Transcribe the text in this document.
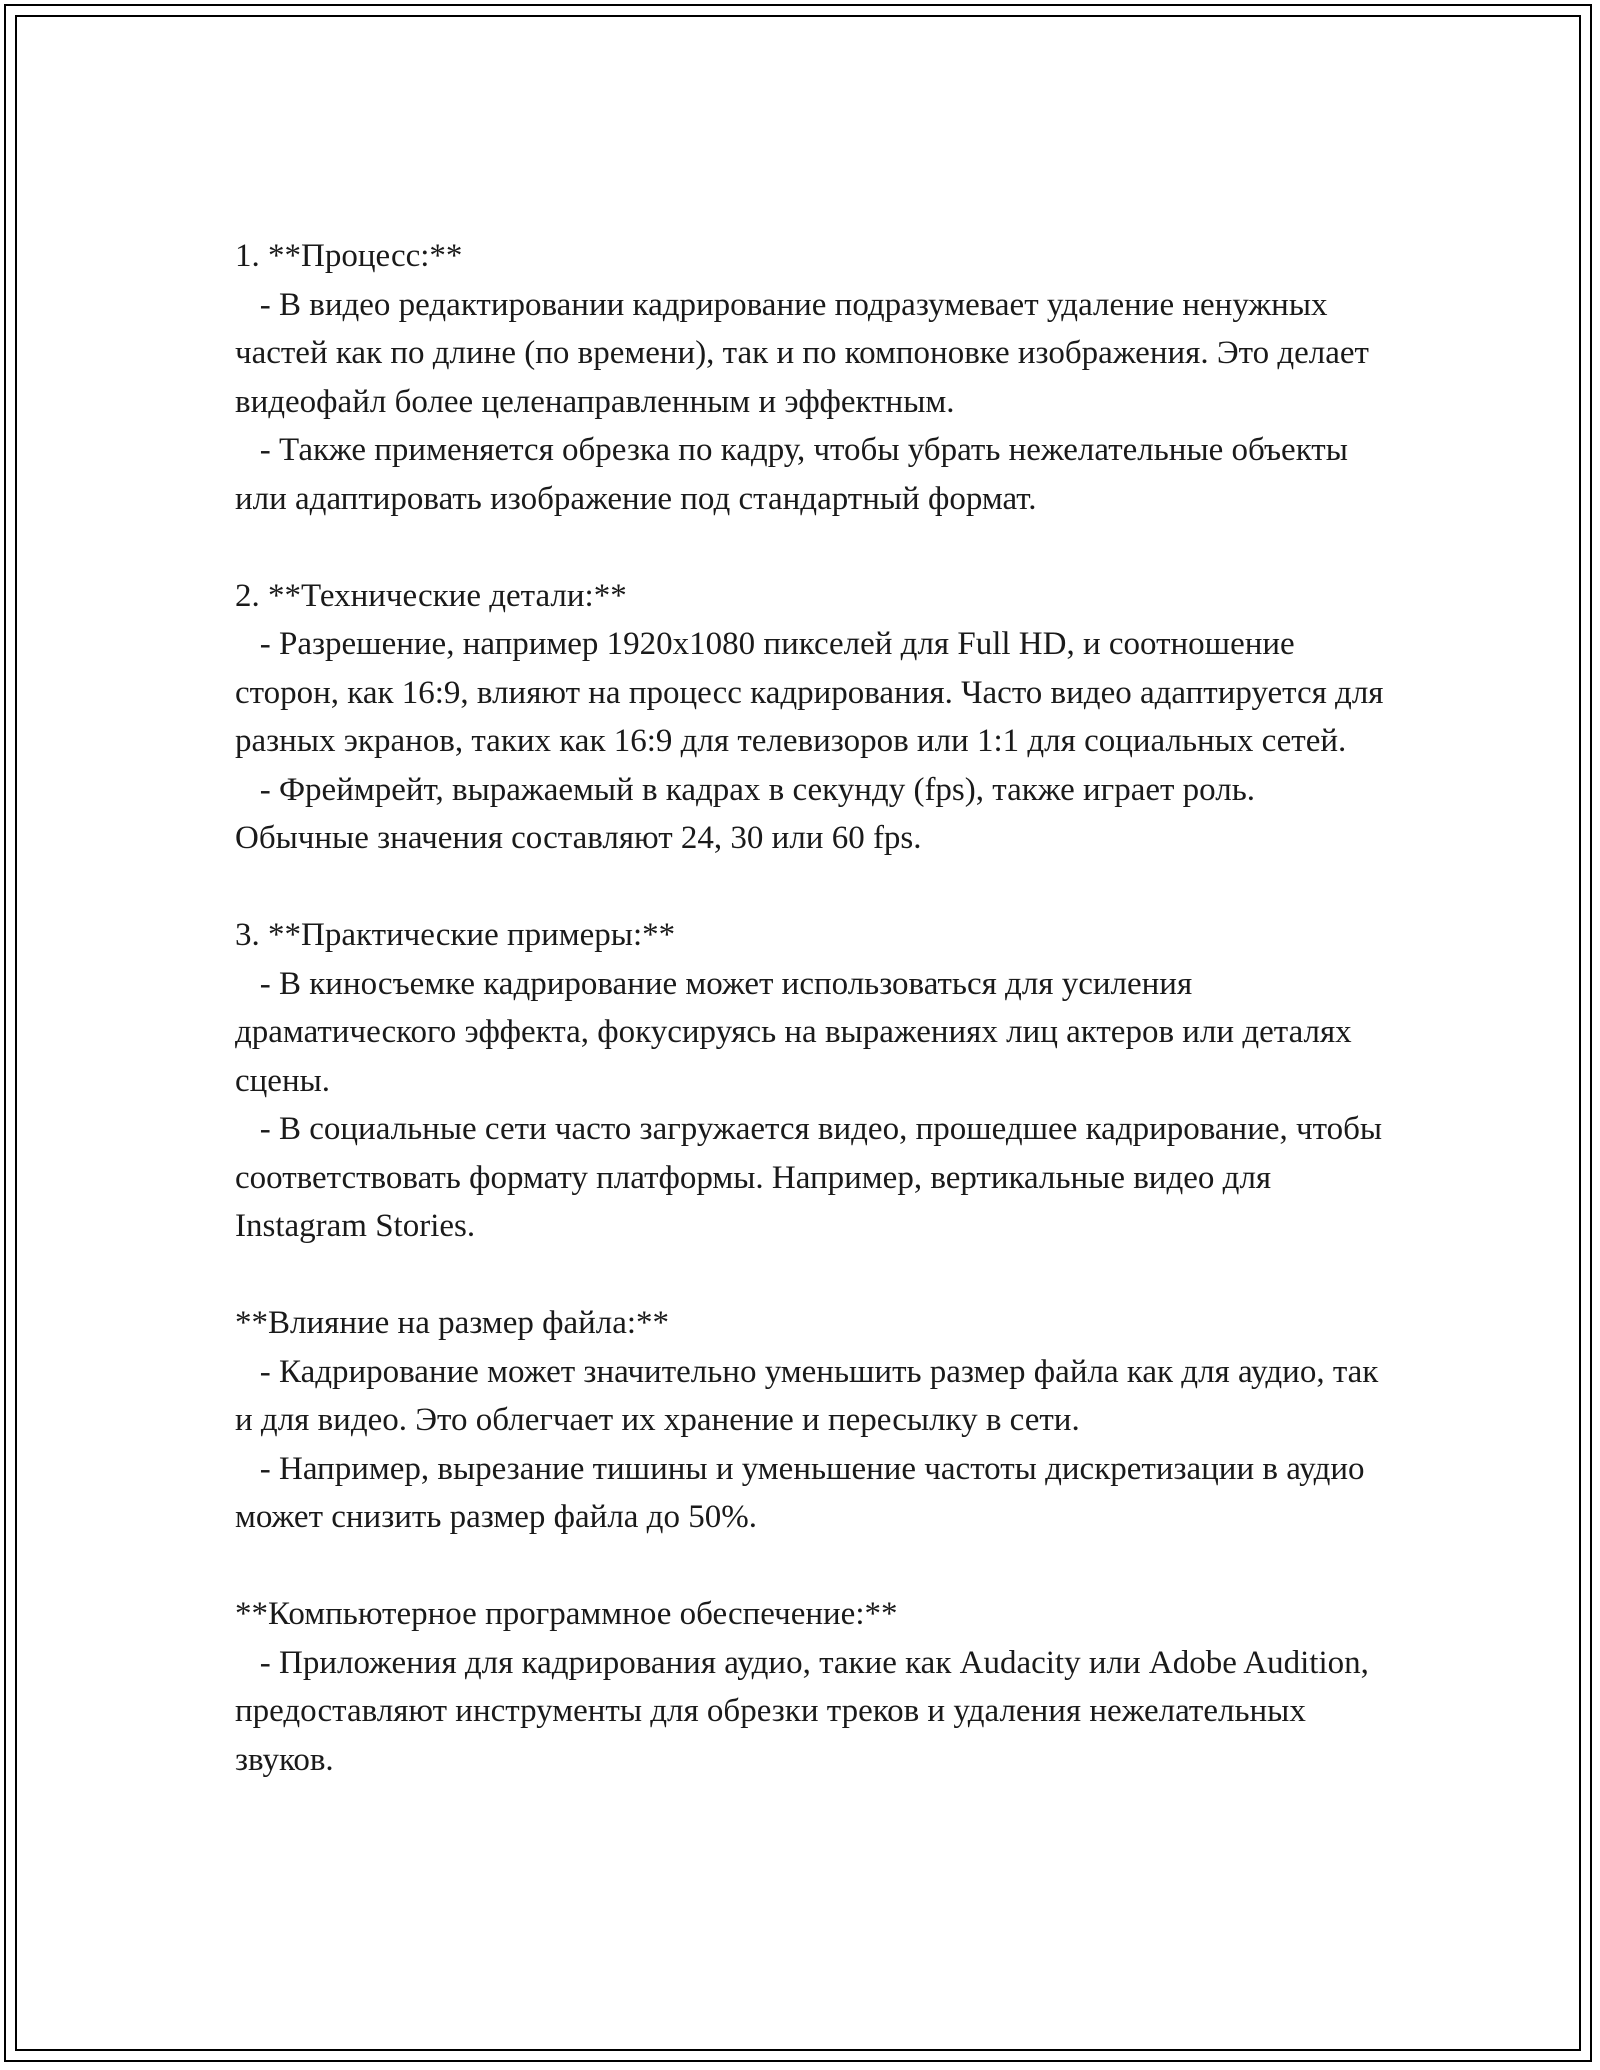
1. **Процесс:**
- В видео редактировании кадрирование подразумевает удаление ненужных частей как по длине (по времени), так и по компоновке изображения. Это делает видеофайл более целенаправленным и эффектным.
- Также применяется обрезка по кадру, чтобы убрать нежелательные объекты или адаптировать изображение под стандартный формат.
2. **Технические детали:**
- Разрешение, например 1920x1080 пикселей для Full HD, и соотношение сторон, как 16:9, влияют на процесс кадрирования. Часто видео адаптируется для разных экранов, таких как 16:9 для телевизоров или 1:1 для социальных сетей.
- Фреймрейт, выражаемый в кадрах в секунду (fps), также играет роль. Обычные значения составляют 24, 30 или 60 fps.
3. **Практические примеры:**
- В киносъемке кадрирование может использоваться для усиления драматического эффекта, фокусируясь на выражениях лиц актеров или деталях сцены.
- В социальные сети часто загружается видео, прошедшее кадрирование, чтобы соответствовать формату платформы. Например, вертикальные видео для Instagram Stories.
**Влияние на размер файла:**
- Кадрирование может значительно уменьшить размер файла как для аудио, так и для видео. Это облегчает их хранение и пересылку в сети.
- Например, вырезание тишины и уменьшение частоты дискретизации в аудио может снизить размер файла до 50%.
**Компьютерное программное обеспечение:**
- Приложения для кадрирования аудио, такие как Audacity или Adobe Audition, предоставляют инструменты для обрезки треков и удаления нежелательных звуков.
